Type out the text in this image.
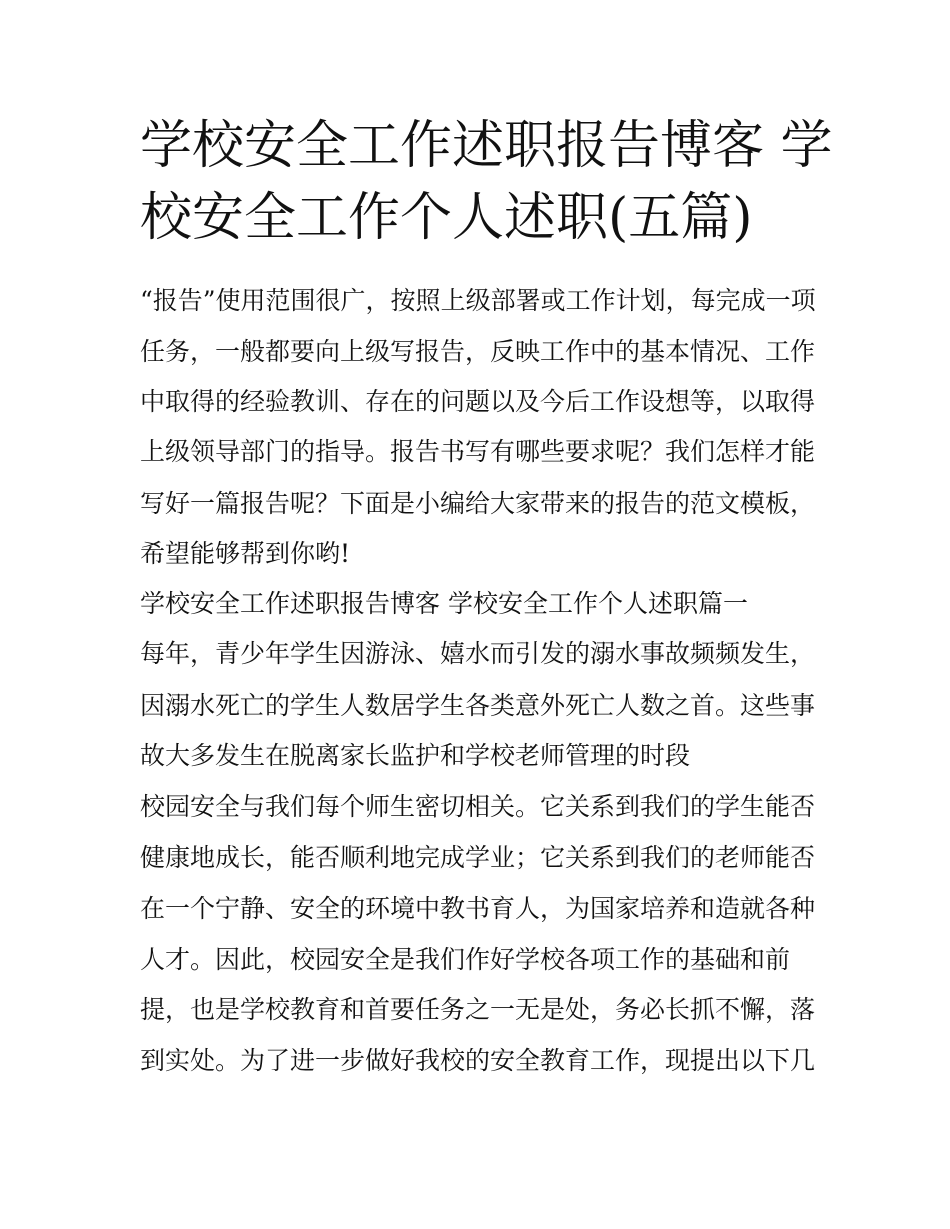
学校安全工作述职报告博客 学
校安全工作个人述职(五篇)
“报告”使用范围很广，按照上级部署或工作计划，每完成一项
任务，一般都要向上级写报告，反映工作中的基本情况、工作
中取得的经验教训、存在的问题以及今后工作设想等，以取得
上级领导部门的指导。报告书写有哪些要求呢？我们怎样才能
写好一篇报告呢？下面是小编给大家带来的报告的范文模板，
希望能够帮到你哟!
学校安全工作述职报告博客 学校安全工作个人述职篇一
每年，青少年学生因游泳、嬉水而引发的溺水事故频频发生，
因溺水死亡的学生人数居学生各类意外死亡人数之首。这些事
故大多发生在脱离家长监护和学校老师管理的时段
校园安全与我们每个师生密切相关。它关系到我们的学生能否
健康地成长，能否顺利地完成学业；它关系到我们的老师能否
在一个宁静、安全的环境中教书育人，为国家培养和造就各种
人才。因此，校园安全是我们作好学校各项工作的基础和前
提，也是学校教育和首要任务之一无是处，务必长抓不懈，落
到实处。为了进一步做好我校的安全教育工作，现提出以下几
